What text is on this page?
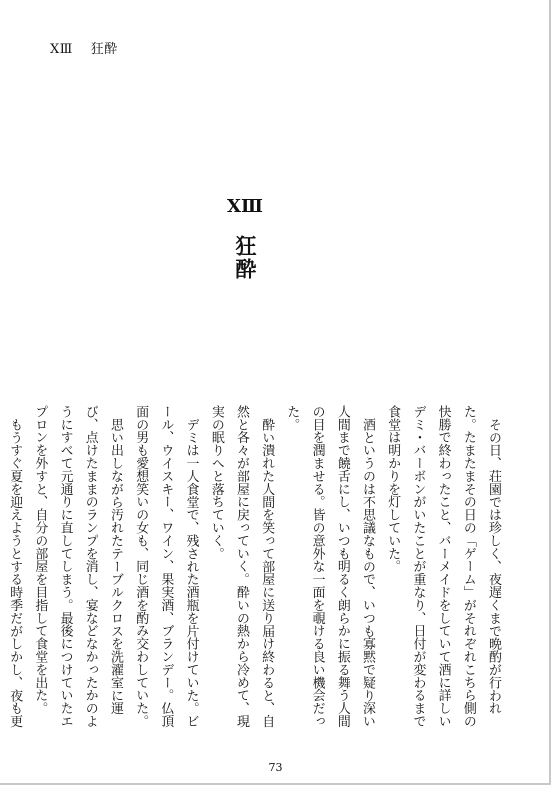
XⅢ 狂酔
XⅢ
狂酔

その日、荘園では珍しく、夜遅くまで晩酌が行われた。たまたまその日の「ゲーム」がそれぞれこちら側の快勝で終わったこと、バーメイドをしていて酒に詳しいデミ・バーボンがいたことが重なり、日付が変わるまで食堂は明かりを灯していた。

酒というのは不思議なもので、いつも寡黙で疑り深い人間まで饒舌にし、いつも明るく朗らかに振る舞う人間の目を潤ませる。皆の意外な一面を覗ける良い機会だった。

酔い潰れた人間を笑って部屋に送り届け終わると、自然と各々が部屋に戻っていく。酔いの熱から冷めて、現実の眠りへと落ちていく。

デミは一人食堂で、残された酒瓶を片付けていた。ビール、ウイスキー、ワイン、果実酒、ブランデー。仏頂面の男も愛想笑いの女も、同じ酒を酌み交わしていた。

思い出しながら汚れたテーブルクロスを洗濯室に運び、点けたままのランプを消し、宴などなかったかのようにすべて元通りに直してしまう。最後につけていたエプロンを外すと、自分の部屋を目指して食堂を出た。

もうすぐ夏を迎えようとする時季だがしかし、夜も更

73
